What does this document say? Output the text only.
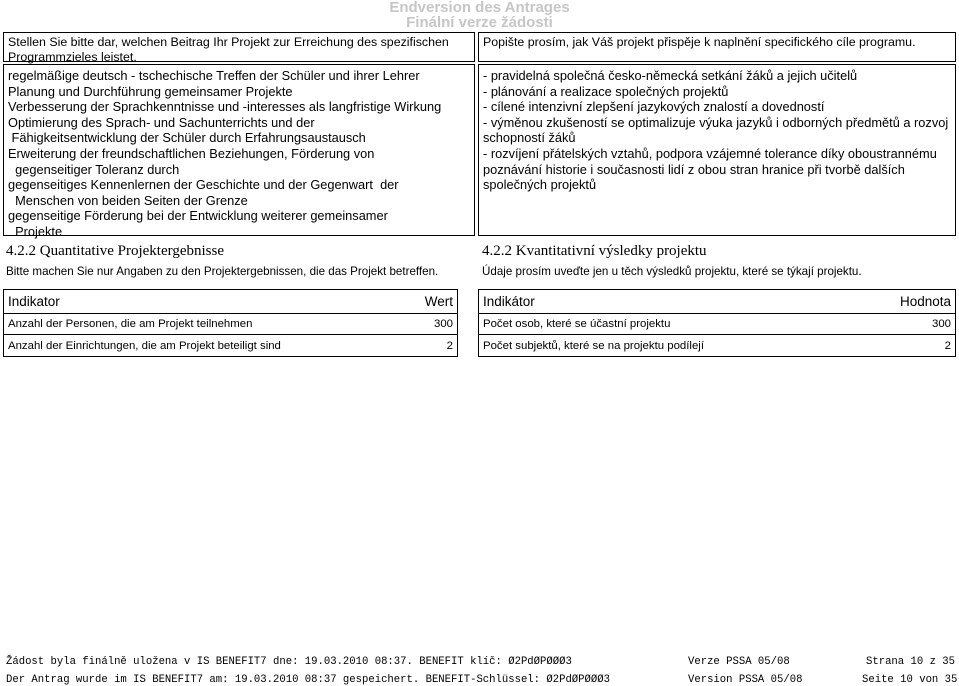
Endversion des Antrages
Finální verze žádosti
Stellen Sie bitte dar, welchen Beitrag Ihr Projekt zur Erreichung des spezifischen Programmzieles leistet.
Popište prosím, jak Váš projekt přispěje k naplnění specifického cíle programu.
regelmäßige deutsch - tschechische Treffen der Schüler und ihrer Lehrer
Planung und Durchführung gemeinsamer Projekte
Verbesserung der Sprachkenntnisse und -interesses als langfristige Wirkung
Optimierung des Sprach- und Sachunterrichts und der
Fähigkeitsentwicklung der Schüler durch Erfahrungsaustausch
Erweiterung der freundschaftlichen Beziehungen, Förderung von
gegenseitiger Toleranz durch
gegenseitiges Kennenlernen der Geschichte und der Gegenwart  der
Menschen von beiden Seiten der Grenze
gegenseitige Förderung bei der Entwicklung weiterer gemeinsamer
Projekte
- pravidelná společná česko-německá setkání žáků a jejich učitelů
- plánování a realizace společných projektů
- cílené intenzivní zlepšení jazykových znalostí a dovedností
- výměnou zkušeností se optimalizuje výuka jazyků i odborných předmětů a rozvoj
schopností žáků
- rozvíjení přátelských vztahů, podpora vzájemné tolerance díky oboustrannému
poznávání historie i současnosti lidí z obou stran hranice při tvorbě dalších
společných projektů
4.2.2 Quantitative Projektergebnisse	4.2.2 Kvantitativní výsledky projektu
Bitte machen Sie nur Angaben zu den Projektergebnissen, die das Projekt betreffen.	Údaje prosím uveďte jen u těch výsledků projektu, které se týkají projektu.
Indikator	Wert
Anzahl der Personen, die am Projekt teilnehmen	300
Anzahl der Einrichtungen, die am Projekt beteiligt sind	2
Indikátor	Hodnota
Počet osob, které se účastní projektu	300
Počet subjektů, které se na projektu podílejí	2
Žádost byla finálně uložena v IS BENEFIT7 dne: 19.03.2010 08:37. BENEFIT klíč: Ø2PdØPØØØ3	Verze PSSA 05/08	Strana 10 z 35
Der Antrag wurde im IS BENEFIT7 am: 19.03.2010 08:37 gespeichert. BENEFIT-Schlüssel: Ø2PdØPØØØ3	Version PSSA 05/08	Seite 10 von 35
